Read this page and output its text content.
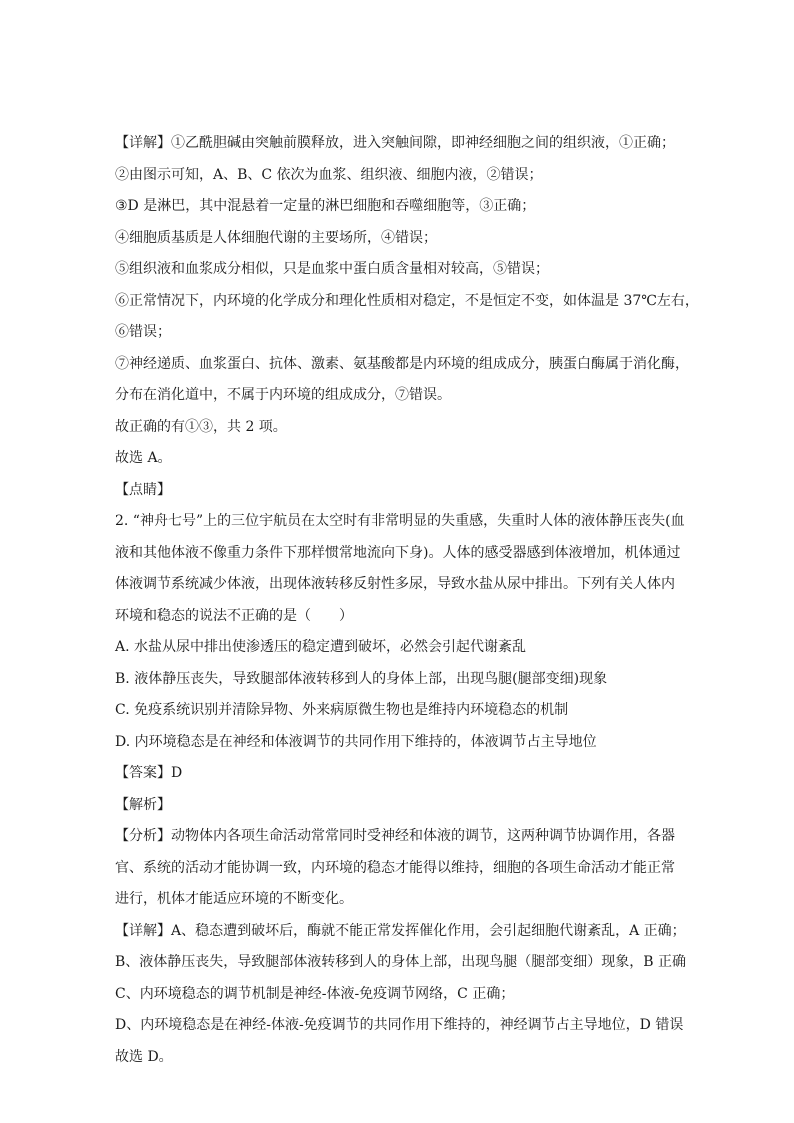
【详解】①乙酰胆碱由突触前膜释放，进入突触间隙，即神经细胞之间的组织液，①正确；
②由图示可知，A、B、C 依次为血浆、组织液、细胞内液，②错误；
③D 是淋巴，其中混悬着一定量的淋巴细胞和吞噬细胞等，③正确；
④细胞质基质是人体细胞代谢的主要场所，④错误；
⑤组织液和血浆成分相似，只是血浆中蛋白质含量相对较高，⑤错误；
⑥正常情况下，内环境的化学成分和理化性质相对稳定，不是恒定不变，如体温是 37℃左右，
⑥错误；
⑦神经递质、血浆蛋白、抗体、激素、氨基酸都是内环境的组成成分，胰蛋白酶属于消化酶，
分布在消化道中，不属于内环境的组成成分，⑦错误。
故正确的有①③，共 2 项。
故选 A。
【点睛】
2. “神舟七号”上的三位宇航员在太空时有非常明显的失重感，失重时人体的液体静压丧失(血
液和其他体液不像重力条件下那样惯常地流向下身)。人体的感受器感到体液增加，机体通过
体液调节系统减少体液，出现体液转移反射性多尿，导致水盐从尿中排出。下列有关人体内
环境和稳态的说法不正确的是（　　）
A. 水盐从尿中排出使渗透压的稳定遭到破坏，必然会引起代谢紊乱
B. 液体静压丧失，导致腿部体液转移到人的身体上部，出现鸟腿(腿部变细)现象
C. 免疫系统识别并清除异物、外来病原微生物也是维持内环境稳态的机制
D. 内环境稳态是在神经和体液调节的共同作用下维持的，体液调节占主导地位
【答案】D
【解析】
【分析】动物体内各项生命活动常常同时受神经和体液的调节，这两种调节协调作用，各器
官、系统的活动才能协调一致，内环境的稳态才能得以维持，细胞的各项生命活动才能正常
进行，机体才能适应环境的不断变化。
【详解】A、稳态遭到破坏后，酶就不能正常发挥催化作用，会引起细胞代谢紊乱，A 正确；
B、液体静压丧失，导致腿部体液转移到人的身体上部，出现鸟腿（腿部变细）现象，B 正确
C、内环境稳态的调节机制是神经-体液-免疫调节网络，C 正确；
D、内环境稳态是在神经-体液-免疫调节的共同作用下维持的，神经调节占主导地位，D 错误
故选 D。
